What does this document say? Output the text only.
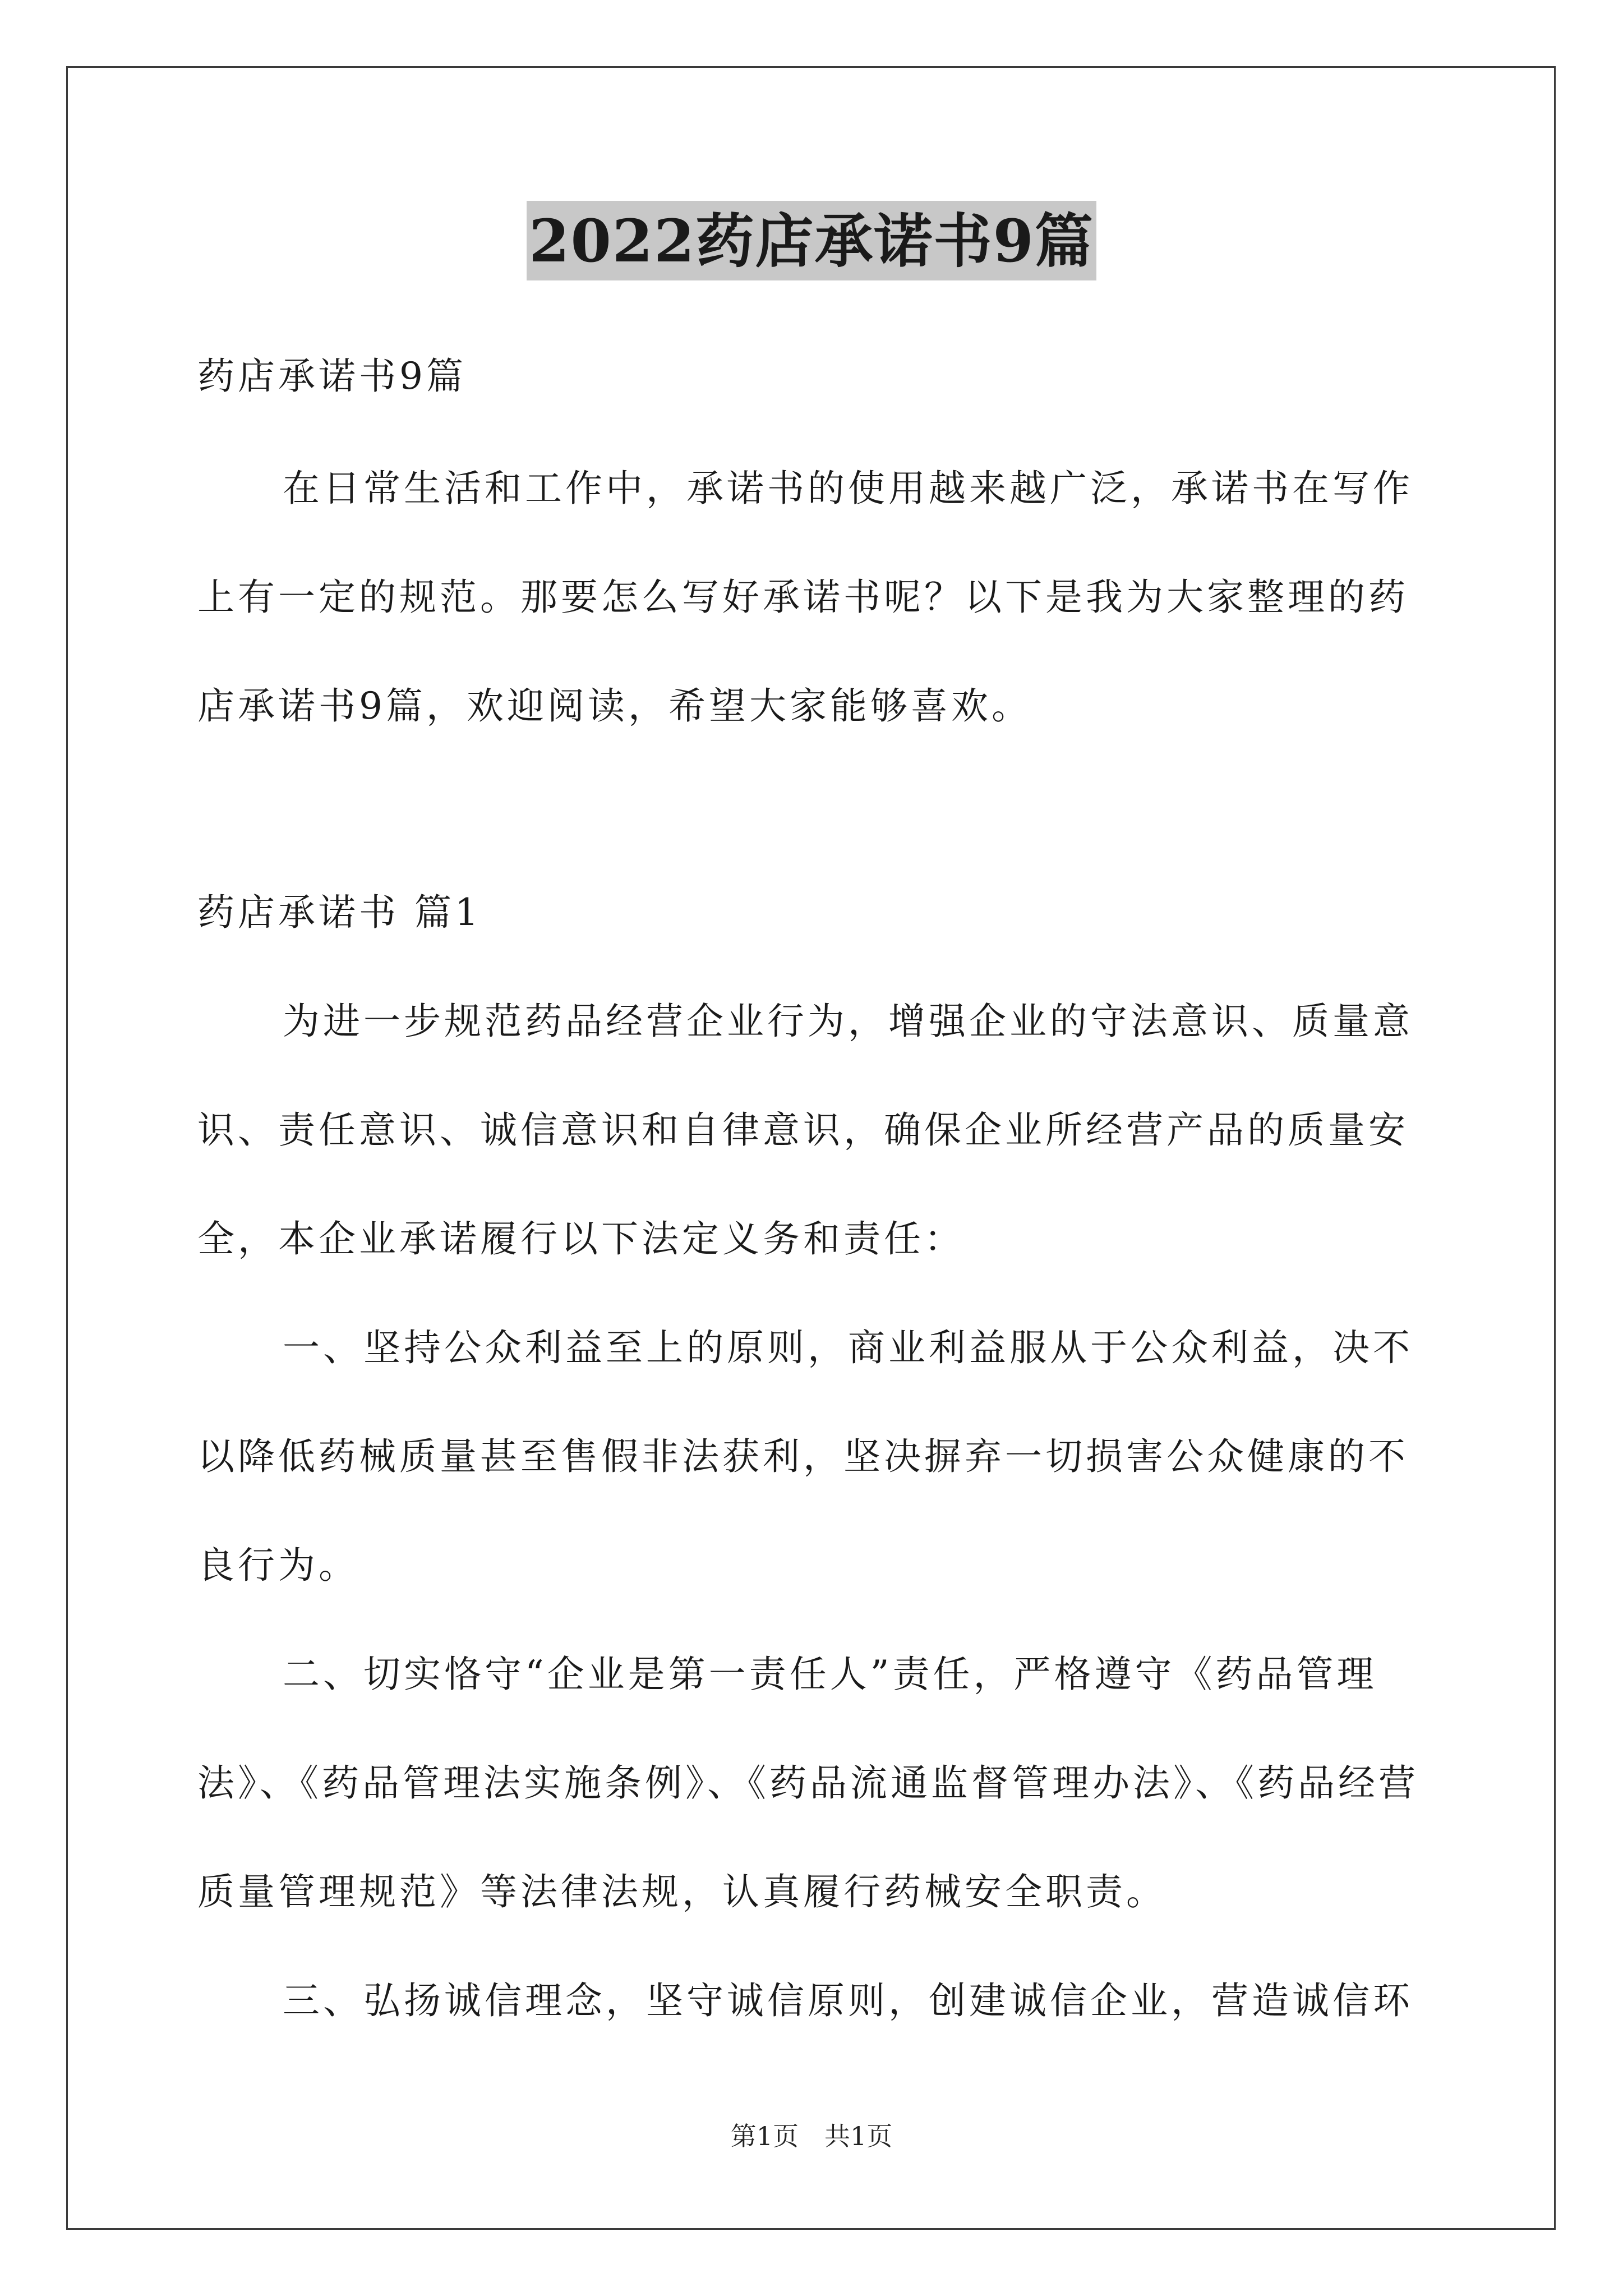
2022药店承诺书9篇
药店承诺书9篇
在日常生活和工作中，承诺书的使用越来越广泛，承诺书在写作
上有一定的规范。那要怎么写好承诺书呢？以下是我为大家整理的药
店承诺书9篇，欢迎阅读，希望大家能够喜欢。
药店承诺书 篇1
为进一步规范药品经营企业行为，增强企业的守法意识、质量意
识、责任意识、诚信意识和自律意识，确保企业所经营产品的质量安
全，本企业承诺履行以下法定义务和责任：
一、坚持公众利益至上的原则，商业利益服从于公众利益，决不
以降低药械质量甚至售假非法获利，坚决摒弃一切损害公众健康的不
良行为。
二、切实恪守“企业是第一责任人”责任，严格遵守《药品管理
法》、《药品管理法实施条例》、《药品流通监督管理办法》、《药品经营
质量管理规范》等法律法规，认真履行药械安全职责。
三、弘扬诚信理念，坚守诚信原则，创建诚信企业，营造诚信环
第1页　共1页
